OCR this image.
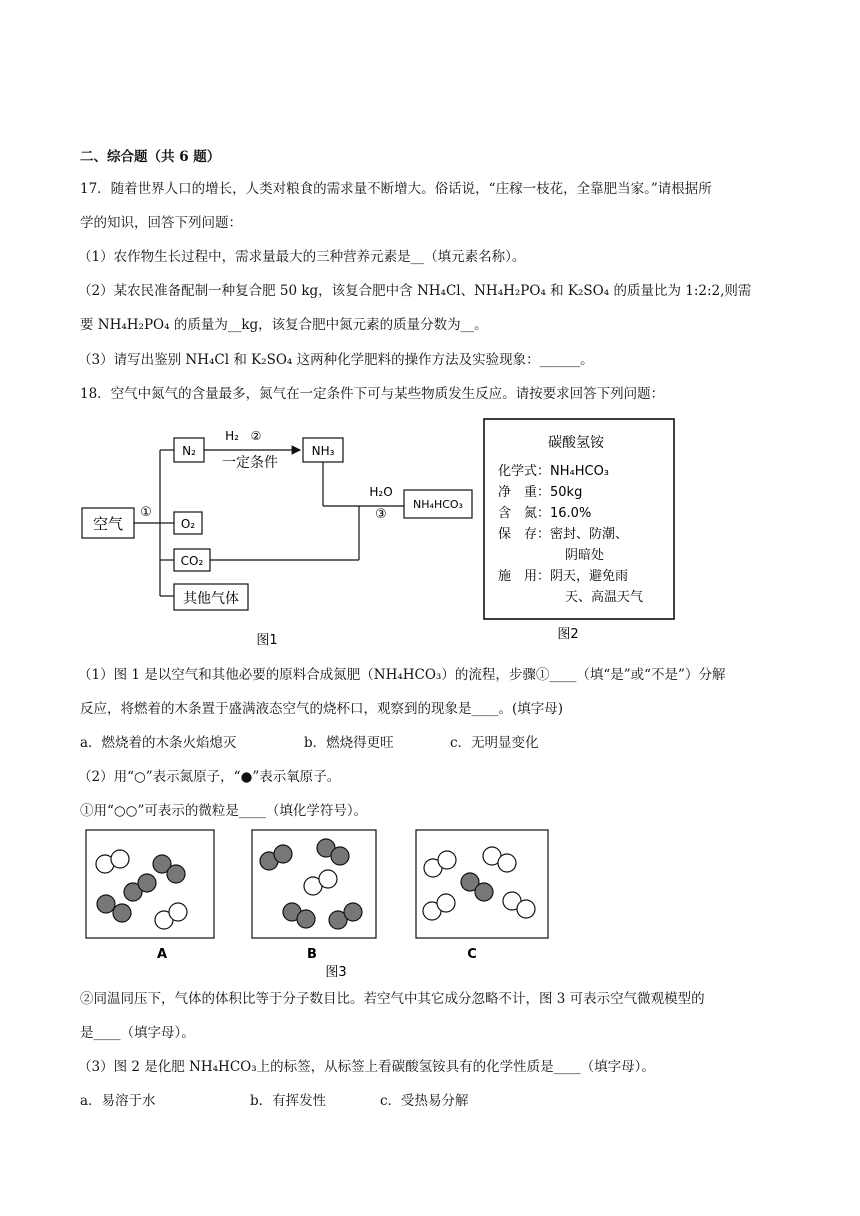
二、综合题（共 6 题）
17．随着世界人口的增长，人类对粮食的需求量不断增大。俗话说，“庄稼一枝花，全靠肥当家。”请根据所
学的知识，回答下列问题：
（1）农作物生长过程中，需求量最大的三种营养元素是__（填元素名称）。
（2）某农民准备配制一种复合肥 50 kg，该复合肥中含 NH₄Cl、NH₄H₂PO₄ 和 K₂SO₄ 的质量比为 1:2:2,则需
要 NH₄H₂PO₄ 的质量为__kg，该复合肥中氮元素的质量分数为__。
（3）请写出鉴别 NH₄Cl 和 K₂SO₄ 这两种化学肥料的操作方法及实验现象：______。
18．空气中氮气的含量最多，氮气在一定条件下可与某些物质发生反应。请按要求回答下列问题：
空气
①
N₂
H₂ ②
一定条件
NH₃
O₂
CO₂
其他气体
H₂O
③
NH₄HCO₃
图1
碳酸氢铵
化学式：NH₄HCO₃
净　重：50kg
含　氮：16.0%
保　存：密封、防潮、
阴暗处
施　用：阴天，避免雨
天、高温天气
图2
（1）图 1 是以空气和其他必要的原料合成氮肥（NH₄HCO₃）的流程，步骤①____（填“是”或“不是”）分解
反应，将燃着的木条置于盛满液态空气的烧杯口，观察到的现象是____。(填字母)
a．燃烧着的木条火焰熄灭	b．燃烧得更旺	c．无明显变化
（2）用“○”表示氮原子，“●”表示氧原子。
①用“○○”可表示的微粒是____（填化学符号）。
A	B	C
图3
②同温同压下，气体的体积比等于分子数目比。若空气中其它成分忽略不计，图 3 可表示空气微观模型的
是____（填字母）。
（3）图 2 是化肥 NH₄HCO₃上的标签，从标签上看碳酸氢铵具有的化学性质是____（填字母）。
a．易溶于水	b．有挥发性	c．受热易分解
